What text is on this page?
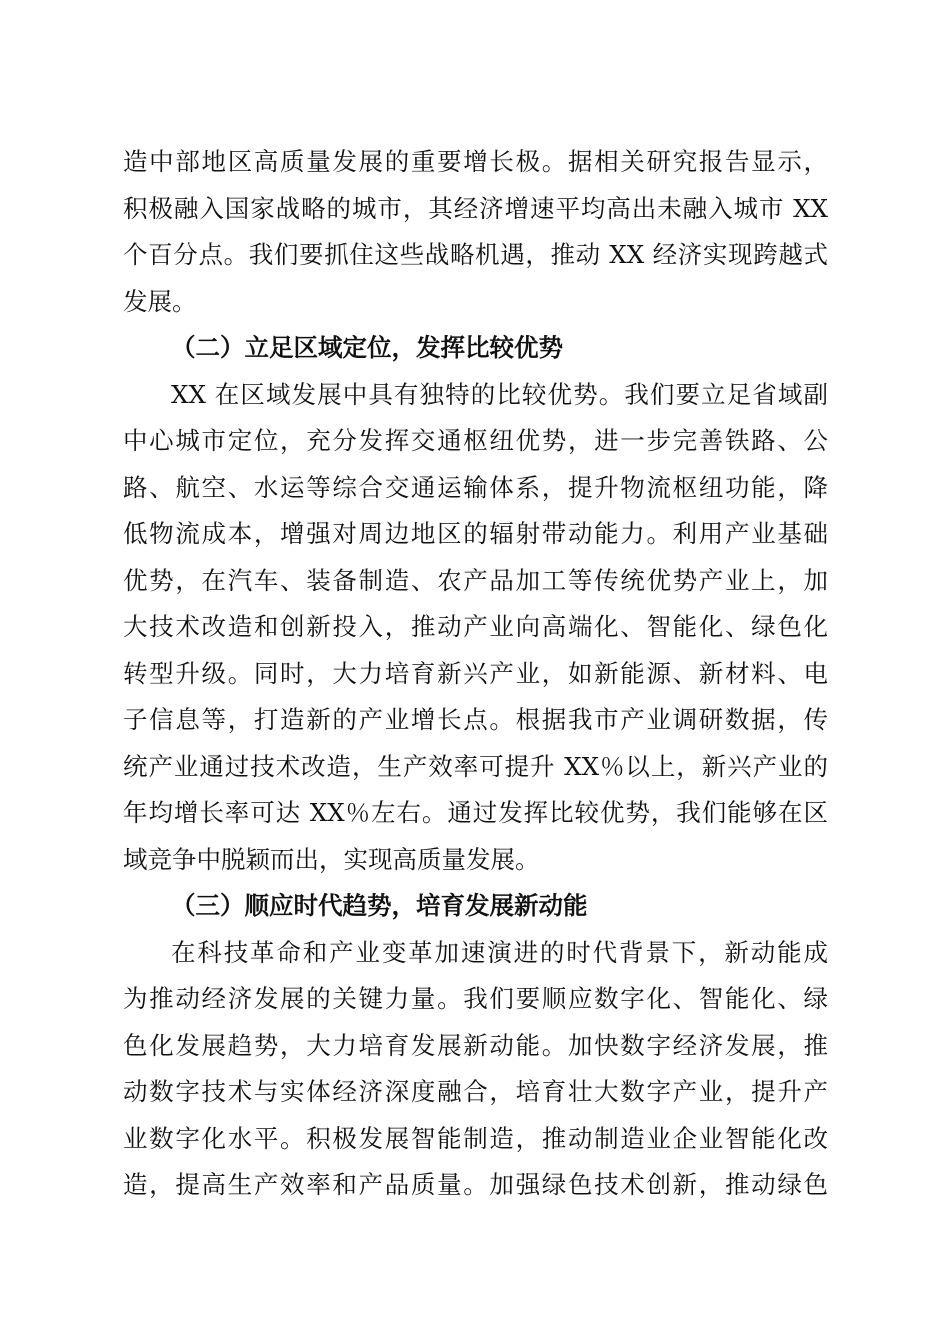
造中部地区高质量发展的重要增长极。据相关研究报告显示，
积极融入国家战略的城市，其经济增速平均高出未融入城市 XX
个百分点。我们要抓住这些战略机遇，推动 XX 经济实现跨越式
发展。
（二）立足区域定位，发挥比较优势
XX 在区域发展中具有独特的比较优势。我们要立足省域副
中心城市定位，充分发挥交通枢纽优势，进一步完善铁路、公
路、航空、水运等综合交通运输体系，提升物流枢纽功能，降
低物流成本，增强对周边地区的辐射带动能力。利用产业基础
优势，在汽车、装备制造、农产品加工等传统优势产业上，加
大技术改造和创新投入，推动产业向高端化、智能化、绿色化
转型升级。同时，大力培育新兴产业，如新能源、新材料、电
子信息等，打造新的产业增长点。根据我市产业调研数据，传
统产业通过技术改造，生产效率可提升 XX％以上，新兴产业的
年均增长率可达 XX％左右。通过发挥比较优势，我们能够在区
域竞争中脱颖而出，实现高质量发展。
（三）顺应时代趋势，培育发展新动能
在科技革命和产业变革加速演进的时代背景下，新动能成
为推动经济发展的关键力量。我们要顺应数字化、智能化、绿
色化发展趋势，大力培育发展新动能。加快数字经济发展，推
动数字技术与实体经济深度融合，培育壮大数字产业，提升产
业数字化水平。积极发展智能制造，推动制造业企业智能化改
造，提高生产效率和产品质量。加强绿色技术创新，推动绿色
